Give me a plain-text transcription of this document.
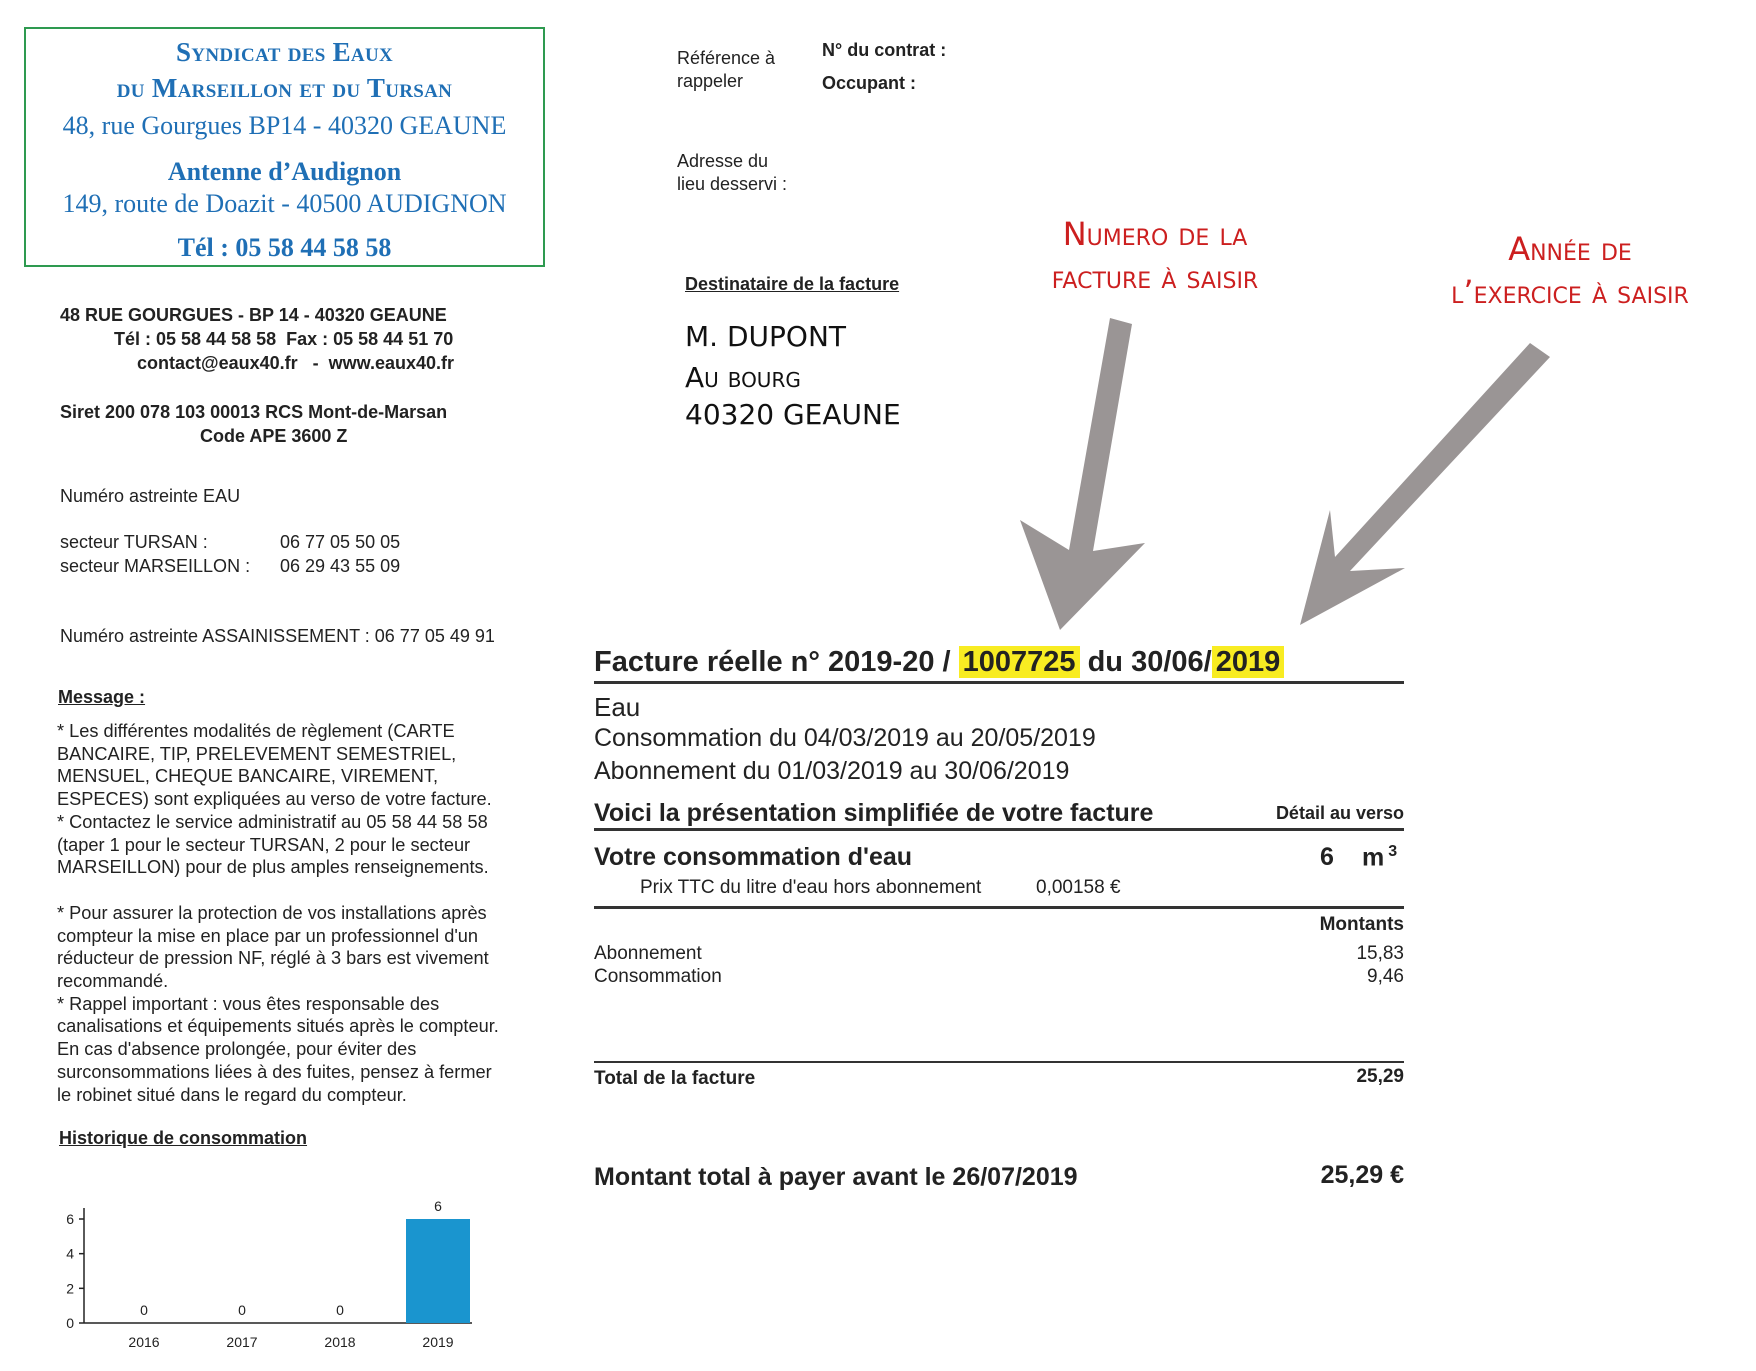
Syndicat des Eaux
du Marseillon et du Tursan
48, rue Gourgues BP14 - 40320 GEAUNE
Antenne d’Audignon
149, route de Doazit - 40500 AUDIGNON
Tél : 05 58 44 58 58
48 RUE GOURGUES - BP 14 - 40320 GEAUNE
Tél : 05 58 44 58 58  Fax : 05 58 44 51 70
contact@eaux40.fr   -  www.eaux40.fr
Siret 200 078 103 00013 RCS Mont-de-Marsan
Code APE 3600 Z
Numéro astreinte EAU
secteur TURSAN :	06 77 05 50 05
secteur MARSEILLON : 06 29 43 55 09
Numéro astreinte ASSAINISSEMENT : 06 77 05 49 91
Message :

* Les différentes modalités de règlement (CARTE
BANCAIRE, TIP, PRELEVEMENT SEMESTRIEL,
MENSUEL, CHEQUE BANCAIRE, VIREMENT,
ESPECES) sont expliquées au verso de votre facture.
* Contactez le service administratif au 05 58 44 58 58
(taper 1 pour le secteur TURSAN, 2 pour le secteur
MARSEILLON) pour de plus amples renseignements.

* Pour assurer la protection de vos installations après
compteur la mise en place par un professionnel d'un
réducteur de pression NF, réglé à 3 bars est vivement
recommandé.
* Rappel important : vous êtes responsable des
canalisations et équipements situés après le compteur.
En cas d'absence prolongée, pour éviter des
surconsommations liées à des fuites, pensez à fermer
le robinet situé dans le regard du compteur.

Historique de consommation
0
2
4
6
0
2016
0
2017
0
2018
6
2019
Référence à
rappeler
N° du contrat :
Occupant :
Adresse du
lieu desservi :
Destinataire de la facture
M. DUPONT
Au bourg
40320 GEAUNE
Numero de la
facture à saisir
Année de
l’exercice à saisir
Facture réelle n° 2019-20 / 1007725 du 30/06/ 2019
Eau
Consommation du 04/03/2019 au 20/05/2019
Abonnement du 01/03/2019 au 30/06/2019
Voici la présentation simplifiée de votre facture	Détail au verso
Votre consommation d'eau	6 m $^3$
Prix TTC du litre d'eau hors abonnement	0,00158 €
Montants
Abonnement	15,83
Consommation	9,46
Total de la facture	25,29
Montant total à payer avant le 26/07/2019	25,29 €
